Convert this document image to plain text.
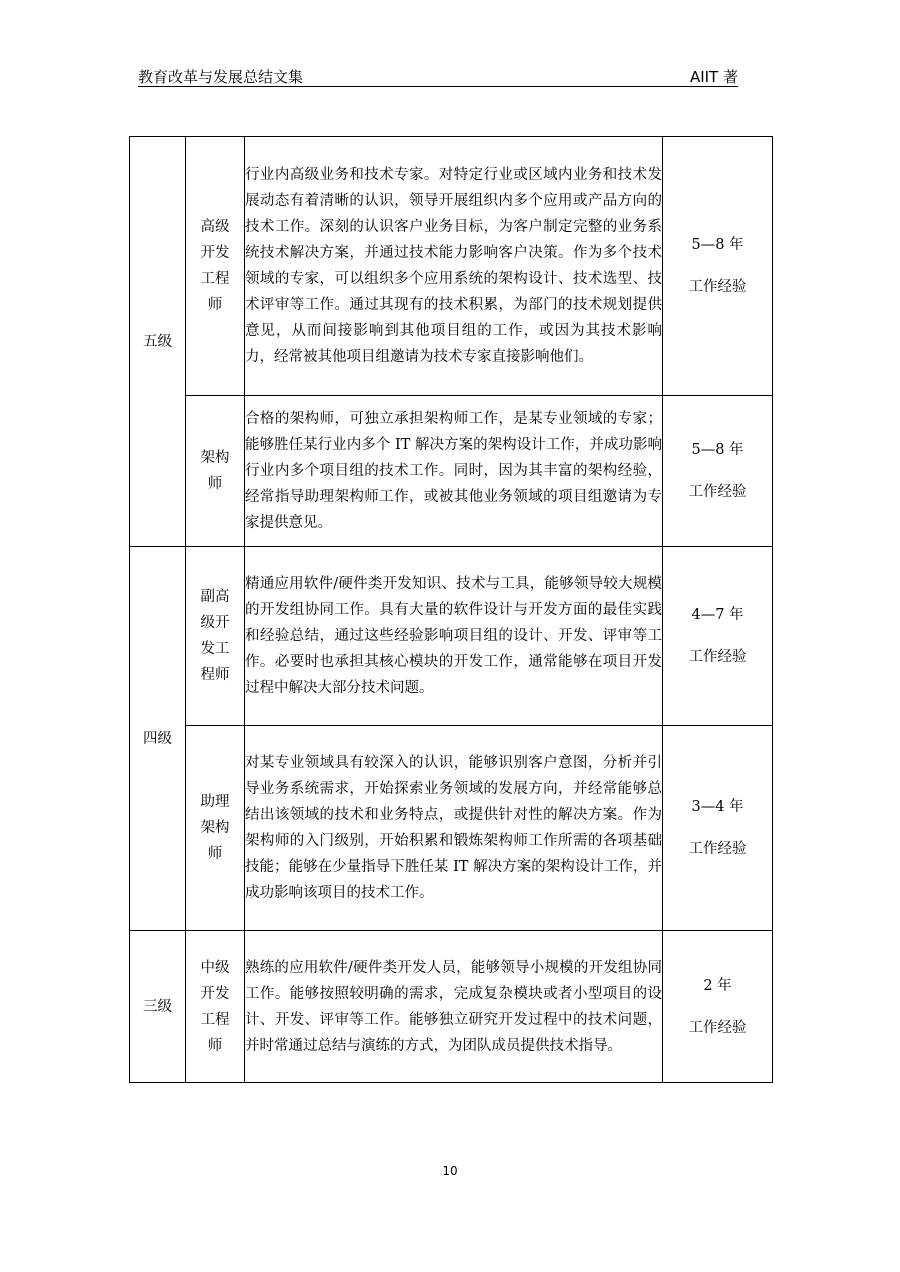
教育改革与发展总结文集	AIIT 著
五级	高级开发工程师	行业内高级业务和技术专家。对特定行业或区域内业务和技术发展动态有着清晰的认识，领导开展组织内多个应用或产品方向的技术工作。深刻的认识客户业务目标，为客户制定完整的业务系统技术解决方案，并通过技术能力影响客户决策。作为多个技术领域的专家，可以组织多个应用系统的架构设计、技术选型、技术评审等工作。通过其现有的技术积累，为部门的技术规划提供意见，从而间接影响到其他项目组的工作，或因为其技术影响力，经常被其他项目组邀请为技术专家直接影响他们。	5—8 年
工作经验

	架构师	合格的架构师，可独立承担架构师工作，是某专业领域的专家；能够胜任某行业内多个 IT 解决方案的架构设计工作，并成功影响行业内多个项目组的技术工作。同时，因为其丰富的架构经验，经常指导助理架构师工作，或被其他业务领域的项目组邀请为专家提供意见。	5—8 年
工作经验

四级	副高级开发工程师	精通应用软件/硬件类开发知识、技术与工具，能够领导较大规模的开发组协同工作。具有大量的软件设计与开发方面的最佳实践和经验总结，通过这些经验影响项目组的设计、开发、评审等工作。必要时也承担其核心模块的开发工作，通常能够在项目开发过程中解决大部分技术问题。	4—7 年
工作经验

	助理架构师	对某专业领域具有较深入的认识，能够识别客户意图，分析并引导业务系统需求，开始探索业务领域的发展方向，并经常能够总结出该领域的技术和业务特点，或提供针对性的解决方案。作为架构师的入门级别，开始积累和锻炼架构师工作所需的各项基础技能；能够在少量指导下胜任某 IT 解决方案的架构设计工作，并成功影响该项目的技术工作。	3—4 年
工作经验

三级	中级开发工程师	熟练的应用软件/硬件类开发人员，能够领导小规模的开发组协同工作。能够按照较明确的需求，完成复杂模块或者小型项目的设计、开发、评审等工作。能够独立研究开发过程中的技术问题，并时常通过总结与演练的方式，为团队成员提供技术指导。	2 年
工作经验
10
